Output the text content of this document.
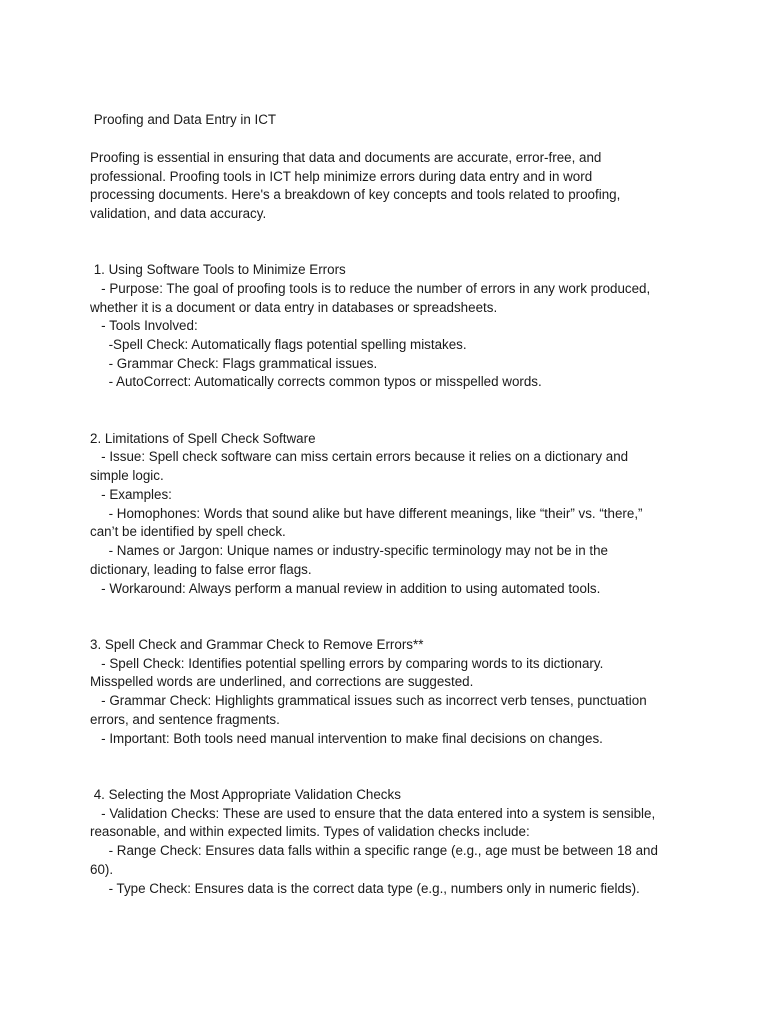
Proofing and Data Entry in ICT

Proofing is essential in ensuring that data and documents are accurate, error-free, and

professional. Proofing tools in ICT help minimize errors during data entry and in word

processing documents. Here's a breakdown of key concepts and tools related to proofing,

validation, and data accuracy.

1. Using Software Tools to Minimize Errors

- Purpose: The goal of proofing tools is to reduce the number of errors in any work produced,

whether it is a document or data entry in databases or spreadsheets.

- Tools Involved:

-Spell Check: Automatically flags potential spelling mistakes.

- Grammar Check: Flags grammatical issues.

- AutoCorrect: Automatically corrects common typos or misspelled words.

2. Limitations of Spell Check Software

- Issue: Spell check software can miss certain errors because it relies on a dictionary and

simple logic.

- Examples:

- Homophones: Words that sound alike but have different meanings, like “their” vs. “there,”

can’t be identified by spell check.

- Names or Jargon: Unique names or industry-specific terminology may not be in the

dictionary, leading to false error flags.

- Workaround: Always perform a manual review in addition to using automated tools.

3. Spell Check and Grammar Check to Remove Errors**

- Spell Check: Identifies potential spelling errors by comparing words to its dictionary.

Misspelled words are underlined, and corrections are suggested.

- Grammar Check: Highlights grammatical issues such as incorrect verb tenses, punctuation

errors, and sentence fragments.

- Important: Both tools need manual intervention to make final decisions on changes.

4. Selecting the Most Appropriate Validation Checks

- Validation Checks: These are used to ensure that the data entered into a system is sensible,

reasonable, and within expected limits. Types of validation checks include:

- Range Check: Ensures data falls within a specific range (e.g., age must be between 18 and

60).

- Type Check: Ensures data is the correct data type (e.g., numbers only in numeric fields).
